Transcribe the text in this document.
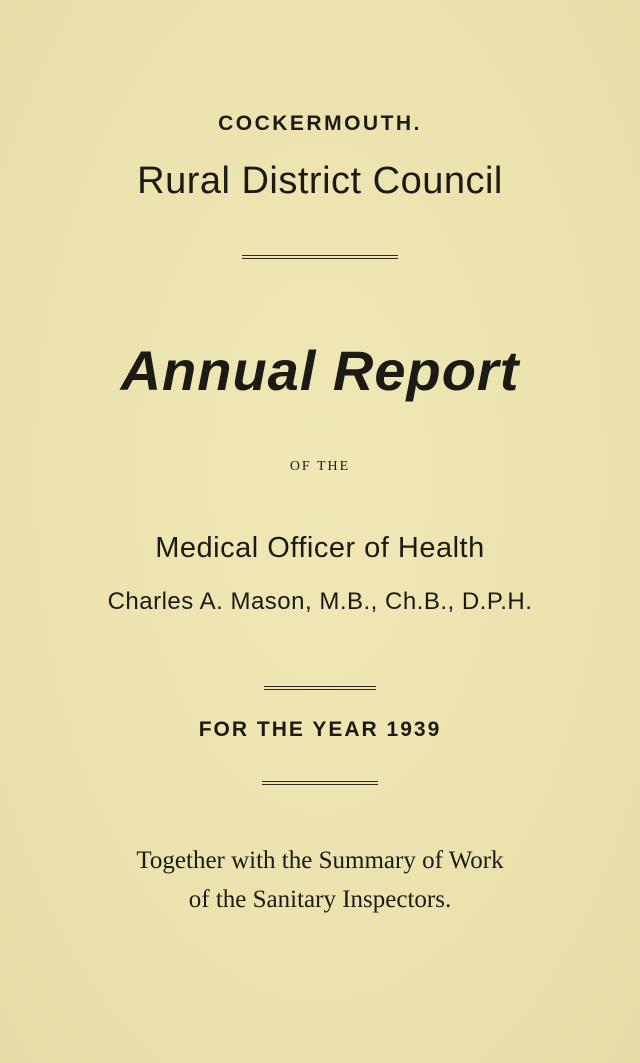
COCKERMOUTH.
Rural District Council
Annual Report
OF THE
Medical Officer of Health
Charles A. Mason, M.B., Ch.B., D.P.H.
FOR THE YEAR 1939
Together with the Summary of Work
of the Sanitary Inspectors.
